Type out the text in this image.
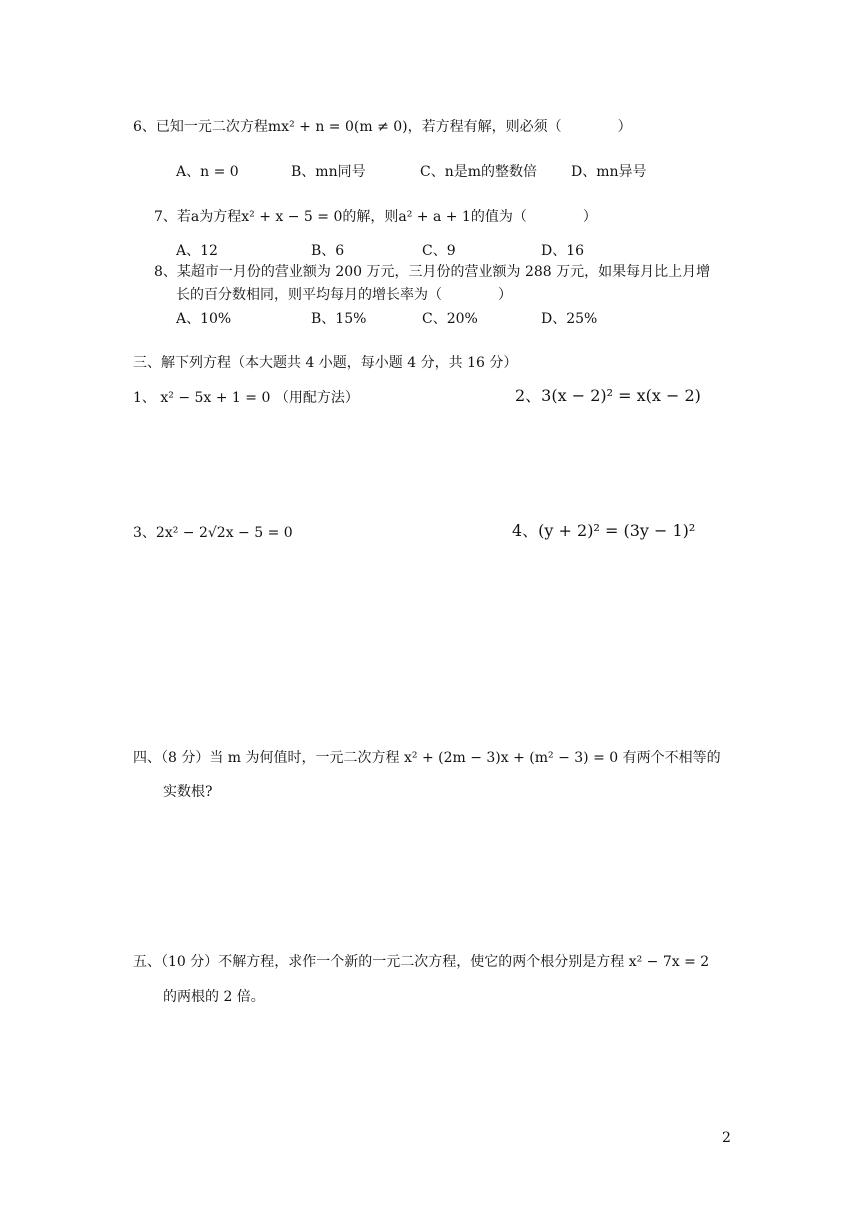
6、已知一元二次方程mx² + n = 0(m ≠ 0)，若方程有解，则必须（　　　　）
A、n = 0	B、mn同号	C、n是m的整数倍 D、mn异号
7、若a为方程x² + x − 5 = 0的解，则a² + a + 1的值为（　　　　）
A、12	B、6	C、9	D、16
8、某超市一月份的营业额为 200 万元，三月份的营业额为 288 万元，如果每月比上月增
长的百分数相同，则平均每月的增长率为（　　　　）
A、10%	B、15%	C、20%	D、25%
三、解下列方程（本大题共 4 小题，每小题 4 分，共 16 分）
1、 x² − 5x + 1 = 0 （用配方法）	2、3(x − 2)² = x(x − 2)
3、2x² − 2√2x − 5 = 0	4、(y + 2)² = (3y − 1)²
四、（8 分）当 m 为何值时，一元二次方程 x² + (2m − 3)x + (m² − 3) = 0 有两个不相等的
实数根?
五、（10 分）不解方程，求作一个新的一元二次方程，使它的两个根分别是方程 x² − 7x = 2
的两根的 2 倍。
2
